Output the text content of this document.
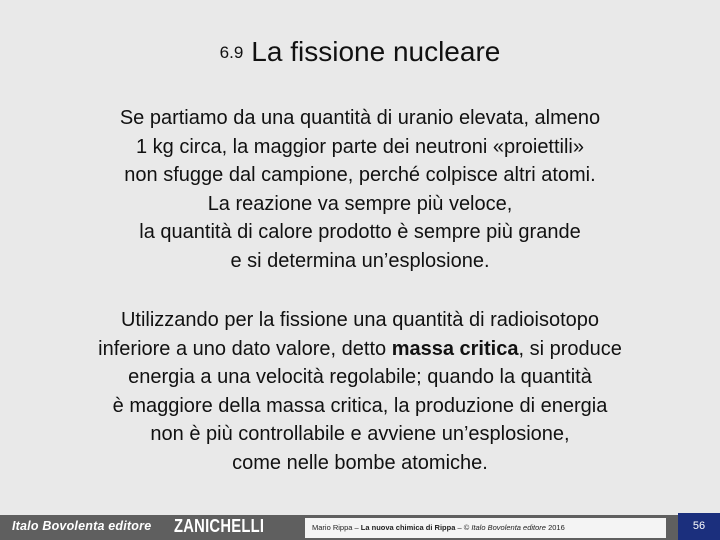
6.9 La fissione nucleare
Se partiamo da una quantità di uranio elevata, almeno
1 kg circa, la maggior parte dei neutroni «proiettili»
non sfugge dal campione, perché colpisce altri atomi.
La reazione va sempre più veloce,
la quantità di calore prodotto è sempre più grande
e si determina un’esplosione.
Utilizzando per la fissione una quantità di radioisotopo
inferiore a uno dato valore, detto massa critica, si produce
energia a una velocità regolabile; quando la quantità
è maggiore della massa critica, la produzione di energia
non è più controllabile e avviene un’esplosione,
come nelle bombe atomiche.
Italo Bovolenta editore ZANICHELLI	Mario Rippa – La nuova chimica di Rippa – © Italo Bovolenta editore 2016	56
